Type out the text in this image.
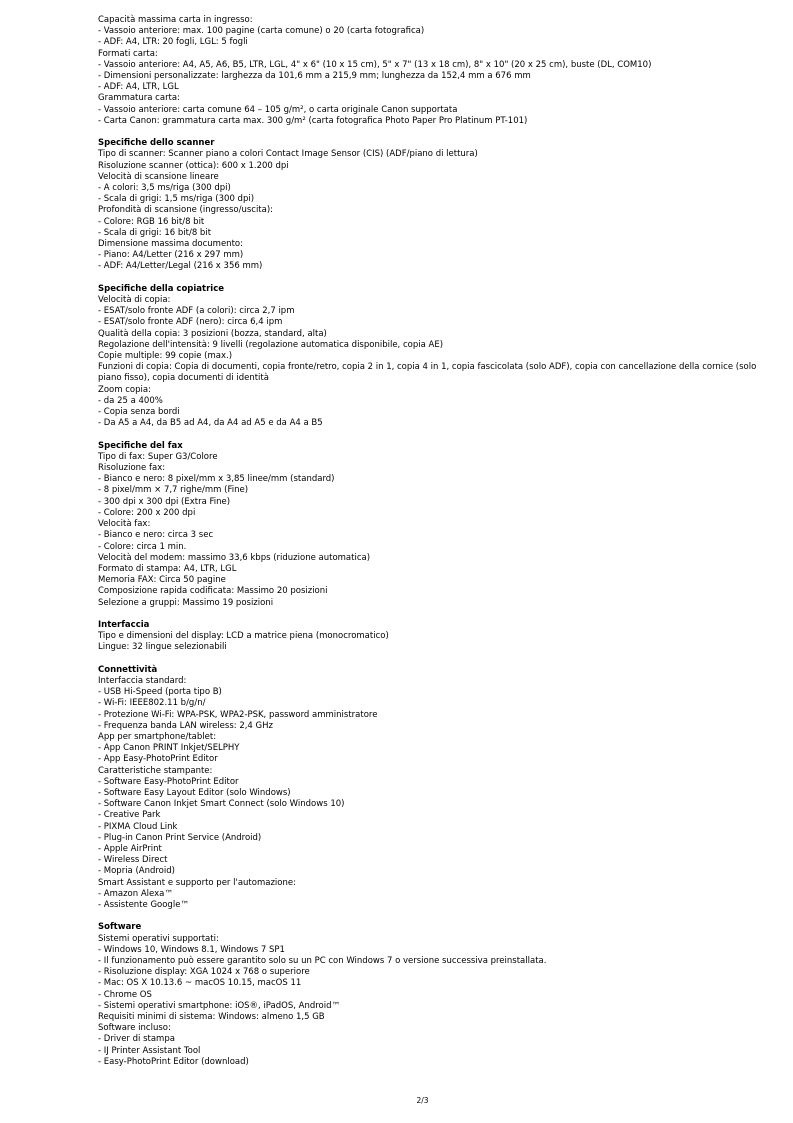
Capacità massima carta in ingresso:
- Vassoio anteriore: max. 100 pagine (carta comune) o 20 (carta fotografica)
- ADF: A4, LTR: 20 fogli, LGL: 5 fogli
Formati carta:
- Vassoio anteriore: A4, A5, A6, B5, LTR, LGL, 4" x 6" (10 x 15 cm), 5" x 7" (13 x 18 cm), 8" x 10" (20 x 25 cm), buste (DL, COM10)
- Dimensioni personalizzate: larghezza da 101,6 mm a 215,9 mm; lunghezza da 152,4 mm a 676 mm
- ADF: A4, LTR, LGL
Grammatura carta:
- Vassoio anteriore: carta comune 64 – 105 g/m², o carta originale Canon supportata
- Carta Canon: grammatura carta max. 300 g/m² (carta fotografica Photo Paper Pro Platinum PT-101)
Specifiche dello scanner
Tipo di scanner: Scanner piano a colori Contact Image Sensor (CIS) (ADF/piano di lettura)
Risoluzione scanner (ottica): 600 x 1.200 dpi
Velocità di scansione lineare
- A colori: 3,5 ms/riga (300 dpi)
- Scala di grigi: 1,5 ms/riga (300 dpi)
Profondità di scansione (ingresso/uscita):
- Colore: RGB 16 bit/8 bit
- Scala di grigi: 16 bit/8 bit
Dimensione massima documento:
- Piano: A4/Letter (216 x 297 mm)
- ADF: A4/Letter/Legal (216 x 356 mm)
Specifiche della copiatrice
Velocità di copia:
- ESAT/solo fronte ADF (a colori): circa 2,7 ipm
- ESAT/solo fronte ADF (nero): circa 6,4 ipm
Qualità della copia: 3 posizioni (bozza, standard, alta)
Regolazione dell'intensità: 9 livelli (regolazione automatica disponibile, copia AE)
Copie multiple: 99 copie (max.)
Funzioni di copia: Copia di documenti, copia fronte/retro, copia 2 in 1, copia 4 in 1, copia fascicolata (solo ADF), copia con cancellazione della cornice (solo piano fisso), copia documenti di identità
Zoom copia:
- da 25 a 400%
- Copia senza bordi
- Da A5 a A4, da B5 ad A4, da A4 ad A5 e da A4 a B5
Specifiche del fax
Tipo di fax: Super G3/Colore
Risoluzione fax:
- Bianco e nero: 8 pixel/mm x 3,85 linee/mm (standard)
- 8 pixel/mm × 7,7 righe/mm (Fine)
- 300 dpi x 300 dpi (Extra Fine)
- Colore: 200 x 200 dpi
Velocità fax:
- Bianco e nero: circa 3 sec
- Colore: circa 1 min.
Velocità del modem: massimo 33,6 kbps (riduzione automatica)
Formato di stampa: A4, LTR, LGL
Memoria FAX: Circa 50 pagine
Composizione rapida codificata: Massimo 20 posizioni
Selezione a gruppi: Massimo 19 posizioni
Interfaccia
Tipo e dimensioni del display: LCD a matrice piena (monocromatico)
Lingue: 32 lingue selezionabili
Connettività
Interfaccia standard:
- USB Hi-Speed (porta tipo B)
- Wi-Fi: IEEE802.11 b/g/n/
- Protezione Wi-Fi: WPA-PSK, WPA2-PSK, password amministratore
- Frequenza banda LAN wireless: 2,4 GHz
App per smartphone/tablet:
- App Canon PRINT Inkjet/SELPHY
- App Easy-PhotoPrint Editor
Caratteristiche stampante:
- Software Easy-PhotoPrint Editor
- Software Easy Layout Editor (solo Windows)
- Software Canon Inkjet Smart Connect (solo Windows 10)
- Creative Park
- PIXMA Cloud Link
- Plug-in Canon Print Service (Android)
- Apple AirPrint
- Wireless Direct
- Mopria (Android)
Smart Assistant e supporto per l'automazione:
- Amazon Alexa™
- Assistente Google™
Software
Sistemi operativi supportati:
- Windows 10, Windows 8.1, Windows 7 SP1
- Il funzionamento può essere garantito solo su un PC con Windows 7 o versione successiva preinstallata.
- Risoluzione display: XGA 1024 x 768 o superiore
- Mac: OS X 10.13.6 ~ macOS 10.15, macOS 11
- Chrome OS
- Sistemi operativi smartphone: iOS®, iPadOS, Android™
Requisiti minimi di sistema: Windows: almeno 1,5 GB
Software incluso:
- Driver di stampa
- IJ Printer Assistant Tool
- Easy-PhotoPrint Editor (download)
2/3
